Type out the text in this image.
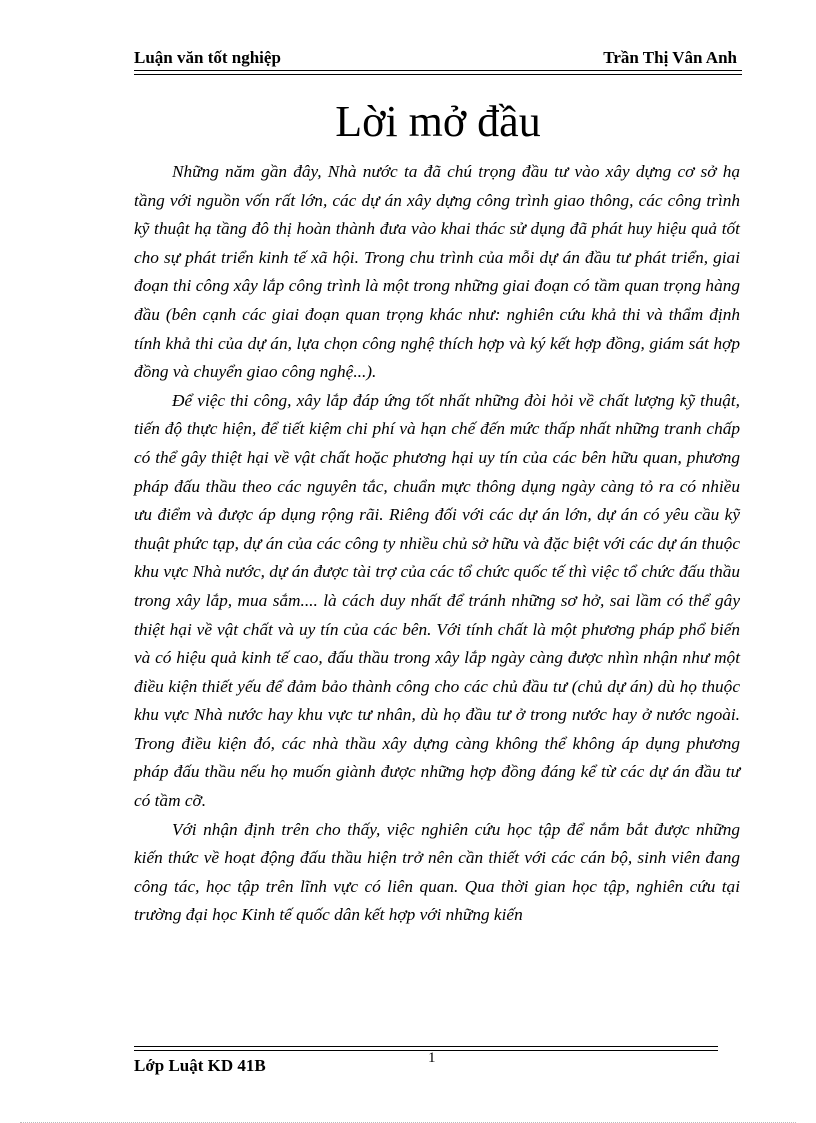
Luận văn tốt nghiệp	Trần Thị Vân Anh
Lời mở đầu

Những năm gần đây, Nhà nước ta đã chú trọng đầu tư vào xây dựng cơ sở hạ tầng với nguồn vốn rất lớn, các dự án xây dựng công trình giao thông, các công trình kỹ thuật hạ tầng đô thị hoàn thành đưa vào khai thác sử dụng đã phát huy hiệu quả tốt cho sự phát triển kinh tế xã hội. Trong chu trình của mỗi dự án đầu tư phát triển, giai đoạn thi công xây lắp công trình là một trong những giai đoạn có tầm quan trọng hàng đầu (bên cạnh các giai đoạn quan trọng khác như: nghiên cứu khả thi và thẩm định tính khả thi của dự án, lựa chọn công nghệ thích hợp và ký kết hợp đồng, giám sát hợp đồng và chuyển giao công nghệ...).

Để việc thi công, xây lắp đáp ứng tốt nhất những đòi hỏi về chất lượng kỹ thuật, tiến độ thực hiện, để tiết kiệm chi phí và hạn chế đến mức thấp nhất những tranh chấp có thể gây thiệt hại về vật chất hoặc phương hại uy tín của các bên hữu quan, phương pháp đấu thầu theo các nguyên tắc, chuẩn mực thông dụng ngày càng tỏ ra có nhiều ưu điểm và được áp dụng rộng rãi. Riêng đối với các dự án lớn, dự án có yêu cầu kỹ thuật phức tạp, dự án của các công ty nhiều chủ sở hữu và đặc biệt với các dự án thuộc khu vực Nhà nước, dự án được tài trợ của các tổ chức quốc tế thì việc tổ chức đấu thầu trong xây lắp, mua sắm.... là cách duy nhất để tránh những sơ hở, sai lầm có thể gây thiệt hại về vật chất và uy tín của các bên. Với tính chất là một phương pháp phổ biến và có hiệu quả kinh tế cao, đấu thầu trong xây lắp ngày càng được nhìn nhận như một điều kiện thiết yếu để đảm bảo thành công cho các chủ đầu tư (chủ dự án) dù họ thuộc khu vực Nhà nước hay khu vực tư nhân, dù họ đầu tư ở trong nước hay ở nước ngoài. Trong điều kiện đó, các nhà thầu xây dựng càng không thể không áp dụng phương pháp đấu thầu nếu họ muốn giành được những hợp đồng đáng kể từ các dự án đầu tư có tầm cỡ.

Với nhận định trên cho thấy, việc nghiên cứu học tập để nắm bắt được những kiến thức về hoạt động đấu thầu hiện trở nên cần thiết với các cán bộ, sinh viên đang công tác, học tập trên lĩnh vực có liên quan. Qua thời gian học tập, nghiên cứu tại trường đại học Kinh tế quốc dân kết hợp với những kiến

1
Lớp Luật KD 41B
